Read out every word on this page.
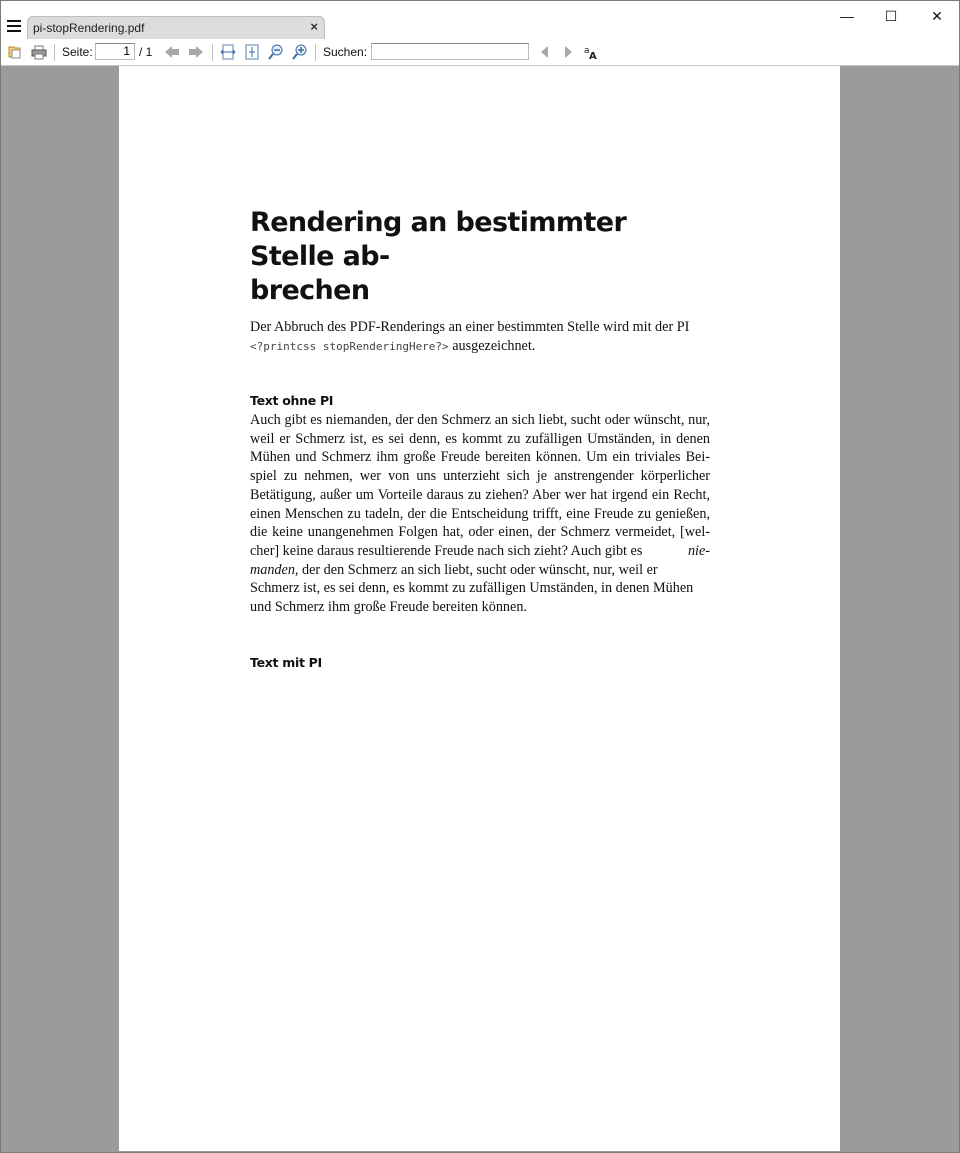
pi-stopRendering.pdf	×
—	☐	✕
Seite:	1 / 1	Suchen:	a A
Rendering an bestimmter Stelle ab-
brechen
Der Abbruch des PDF-Renderings an einer bestimmten Stelle wird mit der PI
<?printcss stopRenderingHere?> ausgezeichnet.
Text ohne PI
Auch gibt es niemanden, der den Schmerz an sich liebt, sucht oder wünscht, nur,
weil er Schmerz ist, es sei denn, es kommt zu zufälligen Umständen, in denen
Mühen und Schmerz ihm große Freude bereiten können. Um ein triviales Bei-
spiel zu nehmen, wer von uns unterzieht sich je anstrengender körperlicher
Betätigung, außer um Vorteile daraus zu ziehen? Aber wer hat irgend ein Recht,
einen Menschen zu tadeln, der die Entscheidung trifft, eine Freude zu genießen,
die keine unangenehmen Folgen hat, oder einen, der Schmerz vermeidet, [wel-
cher] keine daraus resultierende Freude nach sich zieht? Auch gibt es	nie-
manden, der den Schmerz an sich liebt, sucht oder wünscht, nur, weil er
Schmerz ist, es sei denn, es kommt zu zufälligen Umständen, in denen Mühen
und Schmerz ihm große Freude bereiten können.
Text mit PI
